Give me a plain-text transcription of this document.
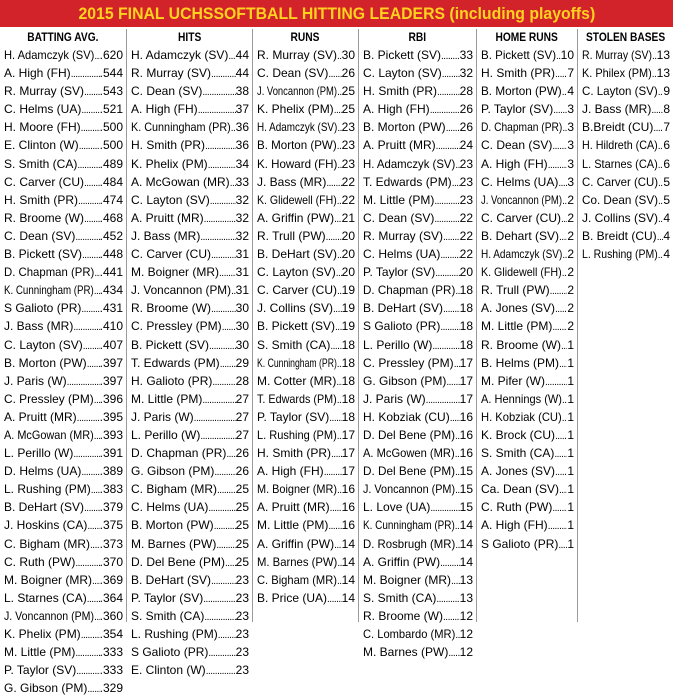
2015 FINAL UCHSSOFTBALL HITTING LEADERS (including playoffs)
BATTING AVG.
H. Adamczyk (SV) ..... .620
A. High (FH) ..... .544
R. Murray (SV) ..... .543
C. Helms (UA) ..... .521
H. Moore (FH) ..... .500
E. Clinton (W) ..... .500
S. Smith (CA) ..... .489
C. Carver (CU) ..... .484
H. Smith (PR) ..... .474
R. Broome (W) ..... .468
C. Dean (SV) ..... .452
B. Pickett (SV) ..... .448
D. Chapman (PR) ..... .441
K. Cunningham (PR) ..... .434
S Galioto (PR) ..... .431
J. Bass (MR) ..... .410
C. Layton (SV) ..... .407
B. Morton (PW) ..... .397
J. Paris (W) .....	.397
C. Pressley (PM) ..... .396
A. Pruitt (MR) ..... .395
A. McGowan (MR) ..... .393
L. Perillo (W) ..... .391
D. Helms (UA) ..... .389
L. Rushing (PM) ..... .383
B. DeHart (SV) ..... .379
J. Hoskins (CA) ..... .375
C. Bigham (MR) ..... .373
C. Ruth (PW) ..... .370
M. Boigner (MR) ..... .369
L. Starnes (CA) ..... .364
J. Voncannon (PM) ..... .360
K. Phelix (PM) ..... .354
M. Little (PM) ..... .333
P. Taylor (SV) ..... .333
G. Gibson (PM) ..... .329
HITS
H. Adamczyk (SV) ..... 44
R. Murray (SV) ..... 44
C. Dean (SV) .....	38
A. High (FH) .....	37
K. Cunningham (PR) ..... 36
H. Smith (PR) .....	36
K. Phelix (PM) ..... 34
A. McGowan (MR) ..... 33
C. Layton (SV) ..... 32
A. Pruitt (MR) .....	32
J. Bass (MR) .....	32
C. Carver (CU) ..... 31
M. Boigner (MR) ..... 31
J. Voncannon (PM) ..... 31
R. Broome (W) ..... 30
C. Pressley (PM) ..... 30
B. Pickett (SV) ..... 30
T. Edwards (PM) ..... 29
H. Galioto (PR) ..... 28
M. Little (PM) .....	27
J. Paris (W) .....	27
L. Perillo (W) .....	27
D. Chapman (PR) ..... 26
G. Gibson (PM) ..... 26
C. Bigham (MR) ..... 25
C. Helms (UA) ..... 25
B. Morton (PW) ..... 25
M. Barnes (PW) ..... 25
D. Del Bene (PM) ..... 25
B. DeHart (SV) ..... 23
P. Taylor (SV) .....	23
S. Smith (CA) .....	23
L. Rushing (PM) ..... 23
S Galioto (PR) ..... 23
E. Clinton (W) ..... 23
RUNS
R. Murray (SV) ..... 30
C. Dean (SV) ..... 26
J. Voncannon (PM) ..... 25
K. Phelix (PM) ..... 25
H. Adamczyk (SV) ..... 23
B. Morton (PW) ..... 23
K. Howard (FH) ..... 23
J. Bass (MR) ..... 22
K. Glidewell (FH) ..... 22
A. Griffin (PW) ..... 21
R. Trull (PW) ..... 20
B. DeHart (SV) ..... 20
C. Layton (SV) ..... 20
C. Carver (CU) ..... 19
J. Collins (SV) ..... 19
B. Pickett (SV) ..... 19
S. Smith (CA) ..... 18
K. Cunningham (PR) ..... 18
M. Cotter (MR) ..... 18
T. Edwards (PM) ..... 18
P. Taylor (SV) ..... 18
L. Rushing (PM) ..... 17
H. Smith (PR) ..... 17
A. High (FH) ..... 17
M. Boigner (MR) ..... 16
A. Pruitt (MR) ..... 16
M. Little (PM) ..... 16
A. Griffin (PW) ..... 14
M. Barnes (PW) ..... 14
C. Bigham (MR) ..... 14
B. Price (UA) ..... 14
RBI
B. Pickett (SV) ..... 33
C. Layton (SV) ..... 32
H. Smith (PR) ..... 28
A. High (FH) ..... 26
B. Morton (PW) ..... 26
A. Pruitt (MR) ..... 24
H. Adamczyk (SV) ..... 23
T. Edwards (PM) ..... 23
M. Little (PM) ..... 23
C. Dean (SV) ..... 22
R. Murray (SV) ..... 22
C. Helms (UA) ..... 22
P. Taylor (SV) ..... 20
D. Chapman (PR) ..... 18
B. DeHart (SV) ..... 18
S Galioto (PR) ..... 18
L. Perillo (W) ..... 18
C. Pressley (PM) ..... 17
G. Gibson (PM) ..... 17
J. Paris (W) .....	17
H. Kobziak (CU) ..... 16
D. Del Bene (PM) ..... 16
A. McGowen (MR) ..... 16
D. Del Bene (PM) ..... 15
J. Voncannon (PM) ..... 15
L. Love (UA) ..... 15
K. Cunningham (PR) ..... 14
D. Rosbrugh (MR) ..... 14
A. Griffin (PW) ..... 14
M. Boigner (MR) ..... 13
S. Smith (CA) ..... 13
R. Broome (W) ..... 12
C. Lombardo (MR) ..... 12
M. Barnes (PW) ..... 12
HOME RUNS
B. Pickett (SV) ..... 10
H. Smith (PR) ..... 7
B. Morton (PW) ..... 4
P. Taylor (SV) ..... 3
D. Chapman (PR) ..... 3
C. Dean (SV) ..... 3
A. High (FH) ..... 3
C. Helms (UA) ..... 3
J. Voncannon (PM) ..... 2
C. Carver (CU) ..... 2
B. Dehart (SV) ..... 2
H. Adamczyk (SV) ..... 2
K. Glidewell (FH) ..... 2
R. Trull (PW) ..... 2
A. Jones (SV) ..... 2
M. Little (PM) ..... 2
R. Broome (W) ..... 1
B. Helms (PM) ..... 1
M. Pifer (W) ..... 1
A. Hennings (W) ..... 1
H. Kobziak (CU) ..... 1
K. Brock (CU) ..... 1
S. Smith (CA) ..... 1
A. Jones (SV) ..... 1
Ca. Dean (SV) ..... 1
C. Ruth (PW) ..... 1
A. High (FH) ..... 1
S Galioto (PR) ..... 1
STOLEN BASES
R. Murray (SV) ..... 13
K. Philex (PM) ..... 13
C. Layton (SV) ..... 9
J. Bass (MR) ..... 8
B.Breidt (CU) ..... 7
H. Hildreth (CA) ..... 6
L. Starnes (CA) ..... 6
C. Carver (CU) ..... 5
Co. Dean (SV) ..... 5
J. Collins (SV) ..... 4
B. Breidt (CU) ..... 4
L. Rushing (PM) ..... 4
